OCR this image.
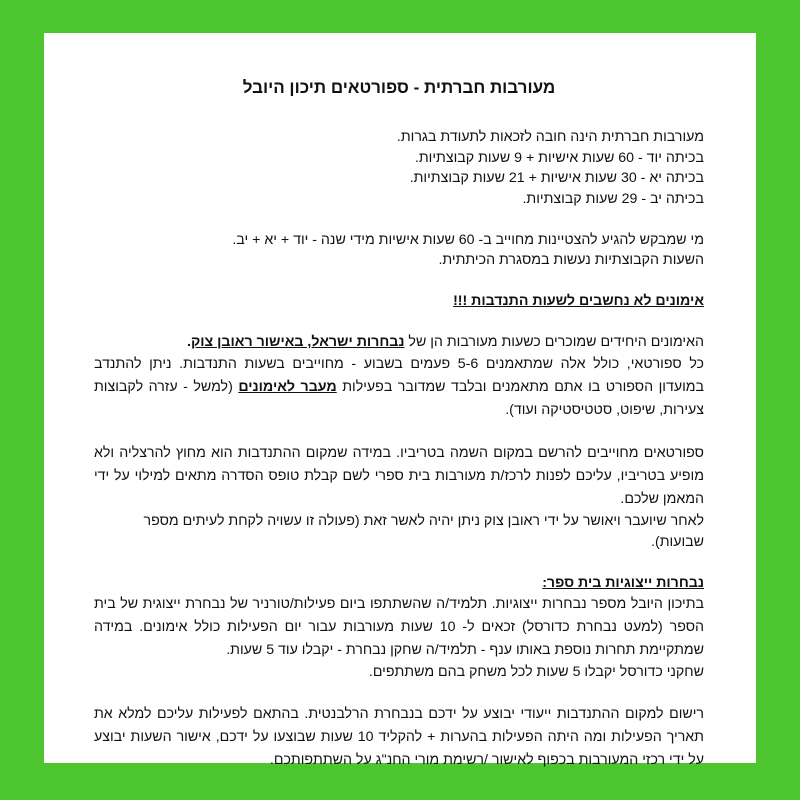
מעורבות חברתית - ספורטאים תיכון היובל

מעורבות חברתית הינה חובה לזכאות לתעודת בגרות.

בכיתה יוד - 60 שעות אישיות + 9 שעות קבוצתיות.

בכיתה יא - 30 שעות אישיות + 21 שעות קבוצתיות.

בכיתה יב - 29 שעות קבוצתיות.

מי שמבקש להגיע להצטיינות מחוייב ב- 60 שעות אישיות מידי שנה - יוד + יא + יב.

השעות הקבוצתיות נעשות במסגרת הכיתתית.

אימונים לא נחשבים לשעות התנדבות !!!

האימונים היחידים שמוכרים כשעות מעורבות הן של נבחרות ישראל, באישור ראובן צוק.

כל ספורטאי, כולל אלה שמתאמנים 5-6 פעמים בשבוע - מחוייבים בשעות התנדבות. ניתן להתנדב במועדון הספורט בו אתם מתאמנים ובלבד שמדובר בפעילות מעבר לאימונים (למשל - עזרה לקבוצות צעירות, שיפוט, סטטיסטיקה ועוד).

ספורטאים מחוייבים להרשם במקום השמה בטריביו. במידה שמקום ההתנדבות הוא מחוץ להרצליה ולא מופיע בטריביו, עליכם לפנות לרכז/ת מעורבות בית ספרי לשם קבלת טופס הסדרה מתאים למילוי על ידי המאמן שלכם.

לאחר שיועבר ויאושר על ידי ראובן צוק ניתן יהיה לאשר זאת (פעולה זו עשויה לקחת לעיתים מספר שבועות).

נבחרות ייצוגיות בית ספר:

בתיכון היובל מספר נבחרות ייצוגיות. תלמיד/ה שהשתתפו ביום פעילות/טורניר של נבחרת ייצוגית של בית הספר (למעט נבחרת כדורסל) זכאים ל- 10 שעות מעורבות עבור יום הפעילות כולל אימונים. במידה שמתקיימת תחרות נוספת באותו ענף - תלמיד/ה שחקן נבחרת - יקבלו עוד 5 שעות.

שחקני כדורסל יקבלו 5 שעות לכל משחק בהם משתתפים.

רישום למקום ההתנדבות ייעודי יבוצע על ידכם בנבחרת הרלבנטית. בהתאם לפעילות עליכם למלא את תאריך הפעילות ומה היתה הפעילות בהערות + להקליד 10 שעות שבוצעו על ידכם, אישור השעות יבוצע על ידי רכזי המעורבות בכפוף לאישור /רשימת מורי החנ"ג על השתתפותכם.
